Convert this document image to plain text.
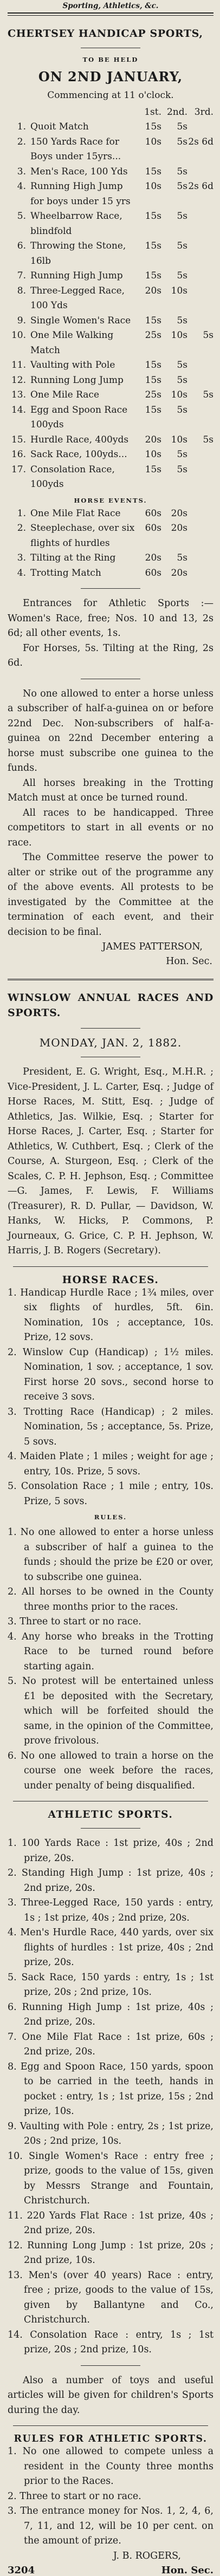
Sporting, Athletics, &c.

CHERTSEY HANDICAP SPORTS,

TO BE HELD

ON 2ND JANUARY,

Commencing at 11 o'clock.

		1st.	2nd.	3rd.
1.	Quoit Match	15s	5s	
2.	150 Yards Race for Boys under 15yrs...	10s	5s	2s 6d
3.	Men's Race, 100 Yds	15s	5s	
4.	Running High Jump for boys under 15 yrs	10s	5s	2s 6d
5.	Wheelbarrow Race, blindfold	15s	5s	
6.	Throwing the Stone, 16lb	15s	5s	
7.	Running High Jump	15s	5s	
8.	Three-Legged Race, 100 Yds	20s	10s	
9.	Single Women's Race	15s	5s	
10.	One Mile Walking Match	25s	10s	5s
11.	Vaulting with Pole	15s	5s	
12.	Running Long Jump	15s	5s	
13.	One Mile Race	25s	10s	5s
14.	Egg and Spoon Race 100yds	15s	5s	
15.	Hurdle Race, 400yds	20s	10s	5s
16.	Sack Race, 100yds...	10s	5s	
17.	Consolation Race, 100yds	15s	5s	

HORSE EVENTS.

1.	One Mile Flat Race	60s	20s	
2.	Steeplechase, over six flights of hurdles	60s	20s	
3.	Tilting at the Ring	20s	5s	
4.	Trotting Match	60s	20s	

Entrances for Athletic Sports :—Women's Race, free; Nos. 10 and 13, 2s 6d; all other events, 1s.

For Horses, 5s. Tilting at the Ring, 2s 6d.

No one allowed to enter a horse unless a subscriber of half-a-guinea on or before 22nd Dec. Non-subscribers of half-a-guinea on 22nd December entering a horse must subscribe one guinea to the funds.

All horses breaking in the Trotting Match must at once be turned round.

All races to be handicapped. Three competitors to start in all events or no race.

The Committee reserve the power to alter or strike out of the programme any of the above events. All protests to be investigated by the Committee at the termination of each event, and their decision to be final.

JAMES PATTERSON,

Hon. Sec.

WINSLOW ANNUAL RACES AND SPORTS.

MONDAY, JAN. 2, 1882.

President, E. G. Wright, Esq., M.H.R. ; Vice-President, J. L. Carter, Esq. ; Judge of Horse Races, M. Stitt, Esq. ; Judge of Athletics, Jas. Wilkie, Esq. ; Starter for Horse Races, J. Carter, Esq. ; Starter for Athletics, W. Cuthbert, Esq. ; Clerk of the Course, A. Sturgeon, Esq. ; Clerk of the Scales, C. P. H. Jephson, Esq. ; Committee—G. James, F. Lewis, F. Williams (Treasurer), R. D. Pullar, — Davidson, W. Hanks, W. Hicks, P. Commons, P. Journeaux, G. Grice, C. P. H. Jephson, W. Harris, J. B. Rogers (Secretary).

HORSE RACES.

1. Handicap Hurdle Race ; 1¾ miles, over six flights of hurdles, 5ft. 6in. Nomination, 10s ; acceptance, 10s. Prize, 12 sovs.

2. Winslow Cup (Handicap) ; 1½ miles. Nomination, 1 sov. ; acceptance, 1 sov. First horse 20 sovs., second horse to receive 3 sovs.

3. Trotting Race (Handicap) ; 2 miles. Nomination, 5s ; acceptance, 5s. Prize, 5 sovs.

4. Maiden Plate ; 1 miles ; weight for age ; entry, 10s. Prize, 5 sovs.

5. Consolation Race ; 1 mile ; entry, 10s. Prize, 5 sovs.

RULES.

1. No one allowed to enter a horse unless a subscriber of half a guinea to the funds ; should the prize be £20 or over, to subscribe one guinea.

2. All horses to be owned in the County three months prior to the races.

3. Three to start or no race.

4. Any horse who breaks in the Trotting Race to be turned round before starting again.

5. No protest will be entertained unless £1 be deposited with the Secretary, which will be forfeited should the same, in the opinion of the Committee, prove frivolous.

6. No one allowed to train a horse on the course one week before the races, under penalty of being disqualified.

ATHLETIC SPORTS.

1. 100 Yards Race : 1st prize, 40s ; 2nd prize, 20s.

2. Standing High Jump : 1st prize, 40s ; 2nd prize, 20s.

3. Three-Legged Race, 150 yards : entry, 1s ; 1st prize, 40s ; 2nd prize, 20s.

4. Men's Hurdle Race, 440 yards, over six flights of hurdles : 1st prize, 40s ; 2nd prize, 20s.

5. Sack Race, 150 yards : entry, 1s ; 1st prize, 20s ; 2nd prize, 10s.

6. Running High Jump : 1st prize, 40s ; 2nd prize, 20s.

7. One Mile Flat Race : 1st prize, 60s ; 2nd prize, 20s.

8. Egg and Spoon Race, 150 yards, spoon to be carried in the teeth, hands in pocket : entry, 1s ; 1st prize, 15s ; 2nd prize, 10s.

9. Vaulting with Pole : entry, 2s ; 1st prize, 20s ; 2nd prize, 10s.

10. Single Women's Race : entry free ; prize, goods to the value of 15s, given by Messrs Strange and Fountain, Christchurch.

11. 220 Yards Flat Race : 1st prize, 40s ; 2nd prize, 20s.

12. Running Long Jump : 1st prize, 20s ; 2nd prize, 10s.

13. Men's (over 40 years) Race : entry, free ; prize, goods to the value of 15s, given by Ballantyne and Co., Christchurch.

14. Consolation Race : entry, 1s ; 1st prize, 20s ; 2nd prize, 10s.

Also a number of toys and useful articles will be given for children's Sports during the day.

RULES FOR ATHLETIC SPORTS.

1. No one allowed to compete unless a resident in the County three months prior to the Races.

2. Three to start or no race.

3. The entrance money for Nos. 1, 2, 4, 6, 7, 11, and 12, will be 10 per cent. on the amount of prize.

J. B. ROGERS,

3204	Hon. Sec.
